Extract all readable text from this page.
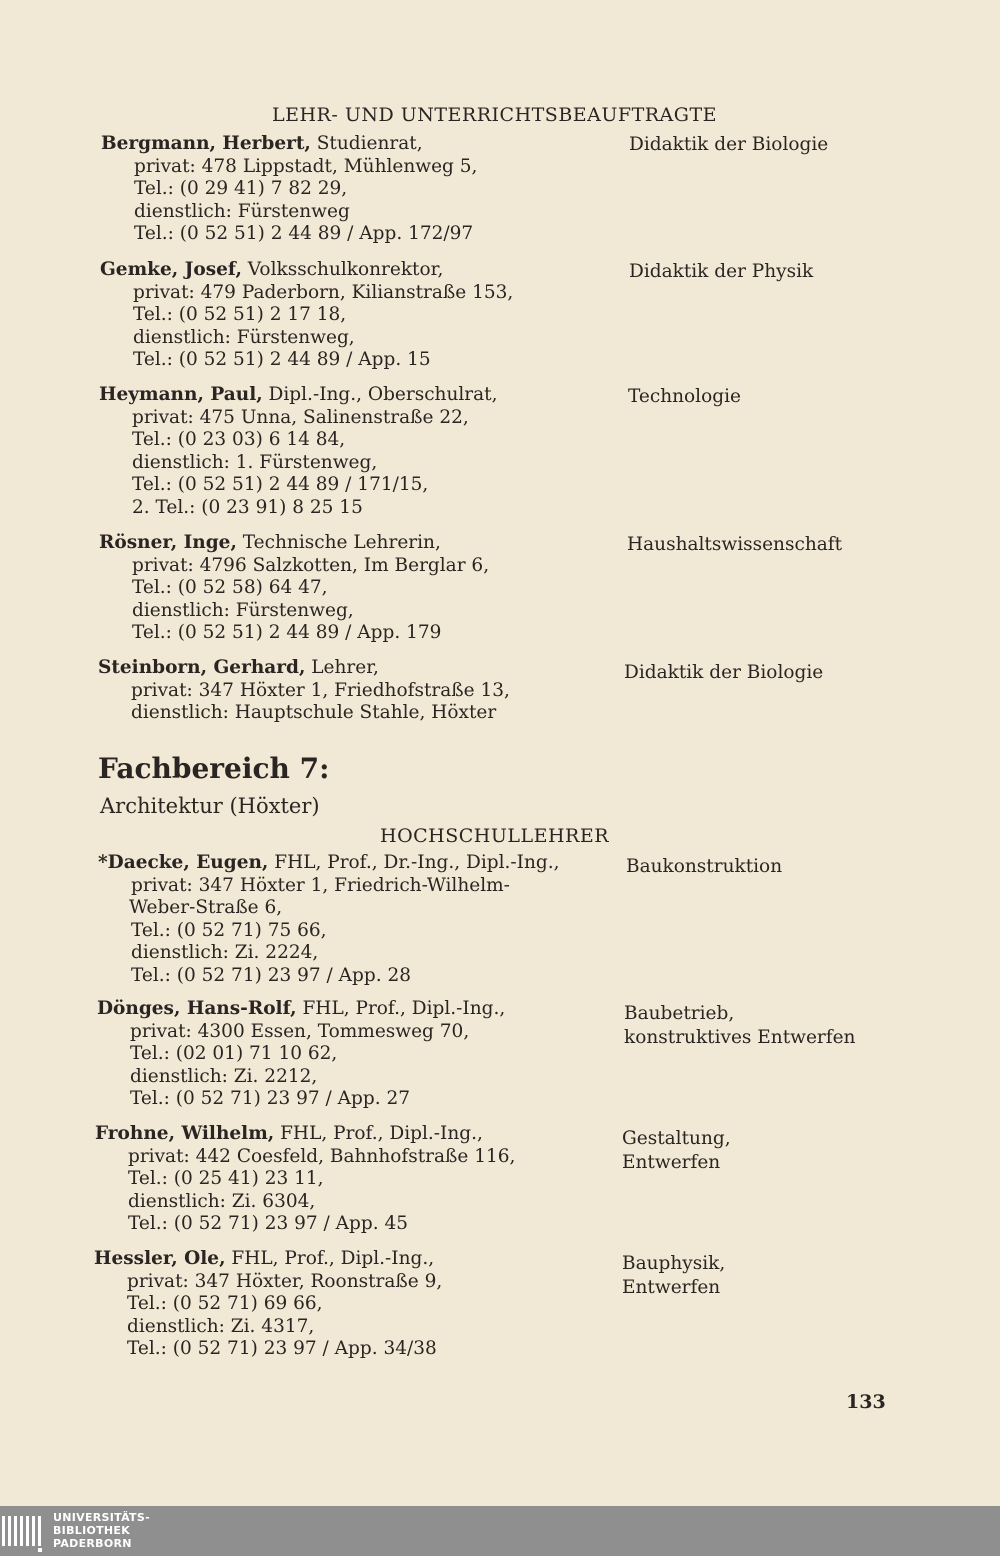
LEHR- UND UNTERRICHTSBEAUFTRAGTE
Bergmann, Herbert, Studienrat,
privat: 478 Lippstadt, Mühlenweg 5,
Tel.: (0 29 41) 7 82 29,
dienstlich: Fürstenweg
Tel.: (0 52 51) 2 44 89 / App. 172/97
Didaktik der Biologie
Gemke, Josef, Volksschulkonrektor,
privat: 479 Paderborn, Kilianstraße 153,
Tel.: (0 52 51) 2 17 18,
dienstlich: Fürstenweg,
Tel.: (0 52 51) 2 44 89 / App. 15
Didaktik der Physik
Heymann, Paul, Dipl.-Ing., Oberschulrat,
privat: 475 Unna, Salinenstraße 22,
Tel.: (0 23 03) 6 14 84,
dienstlich: 1. Fürstenweg,
Tel.: (0 52 51) 2 44 89 / 171/15,
2. Tel.: (0 23 91) 8 25 15
Technologie
Rösner, Inge, Technische Lehrerin,
privat: 4796 Salzkotten, Im Berglar 6,
Tel.: (0 52 58) 64 47,
dienstlich: Fürstenweg,
Tel.: (0 52 51) 2 44 89 / App. 179
Haushaltswissenschaft
Steinborn, Gerhard, Lehrer,
privat: 347 Höxter 1, Friedhofstraße 13,
dienstlich: Hauptschule Stahle, Höxter
Didaktik der Biologie
Fachbereich 7:
Architektur (Höxter)
HOCHSCHULLEHRER
*Daecke, Eugen, FHL, Prof., Dr.-Ing., Dipl.-Ing.,
privat: 347 Höxter 1, Friedrich-Wilhelm-
Weber-Straße 6,
Tel.: (0 52 71) 75 66,
dienstlich: Zi. 2224,
Tel.: (0 52 71) 23 97 / App. 28
Baukonstruktion
Dönges, Hans-Rolf, FHL, Prof., Dipl.-Ing.,
privat: 4300 Essen, Tommesweg 70,
Tel.: (02 01) 71 10 62,
dienstlich: Zi. 2212,
Tel.: (0 52 71) 23 97 / App. 27
Baubetrieb,
konstruktives Entwerfen
Frohne, Wilhelm, FHL, Prof., Dipl.-Ing.,
privat: 442 Coesfeld, Bahnhofstraße 116,
Tel.: (0 25 41) 23 11,
dienstlich: Zi. 6304,
Tel.: (0 52 71) 23 97 / App. 45
Gestaltung,
Entwerfen
Hessler, Ole, FHL, Prof., Dipl.-Ing.,
privat: 347 Höxter, Roonstraße 9,
Tel.: (0 52 71) 69 66,
dienstlich: Zi. 4317,
Tel.: (0 52 71) 23 97 / App. 34/38
Bauphysik,
Entwerfen
133
UNIVERSITÄTS-
BIBLIOTHEK
PADERBORN
